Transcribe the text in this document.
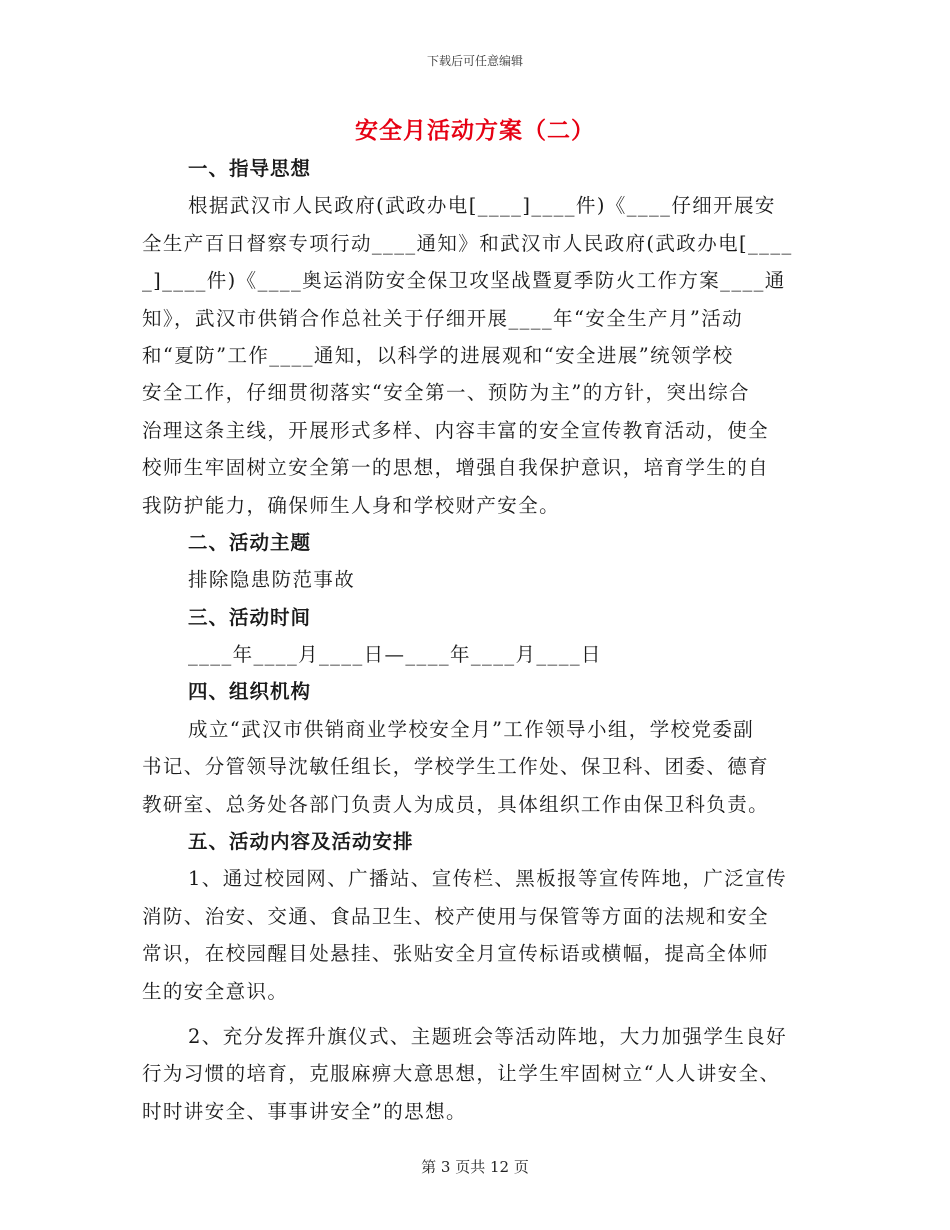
下载后可任意编辑
安全月活动方案（二）
一、指导思想
根据武汉市人民政府(武政办电[____]____件)《____仔细开展安
全生产百日督察专项行动____通知》和武汉市人民政府(武政办电[____
_]____件)《____奥运消防安全保卫攻坚战暨夏季防火工作方案____通
知》，武汉市供销合作总社关于仔细开展____年“安全生产月”活动
和“夏防”工作____通知，以科学的进展观和“安全进展”统领学校
安全工作，仔细贯彻落实“安全第一、预防为主”的方针，突出综合
治理这条主线，开展形式多样、内容丰富的安全宣传教育活动，使全
校师生牢固树立安全第一的思想，增强自我保护意识，培育学生的自
我防护能力，确保师生人身和学校财产安全。
二、活动主题
排除隐患防范事故
三、活动时间
____年____月____日—____年____月____日
四、组织机构
成立“武汉市供销商业学校安全月”工作领导小组，学校党委副
书记、分管领导沈敏任组长，学校学生工作处、保卫科、团委、德育
教研室、总务处各部门负责人为成员，具体组织工作由保卫科负责。
五、活动内容及活动安排
1、通过校园网、广播站、宣传栏、黑板报等宣传阵地，广泛宣传
消防、治安、交通、食品卫生、校产使用与保管等方面的法规和安全
常识，在校园醒目处悬挂、张贴安全月宣传标语或横幅，提高全体师
生的安全意识。
2、充分发挥升旗仪式、主题班会等活动阵地，大力加强学生良好
行为习惯的培育，克服麻痹大意思想，让学生牢固树立“人人讲安全、
时时讲安全、事事讲安全”的思想。
第 3 页共 12 页
